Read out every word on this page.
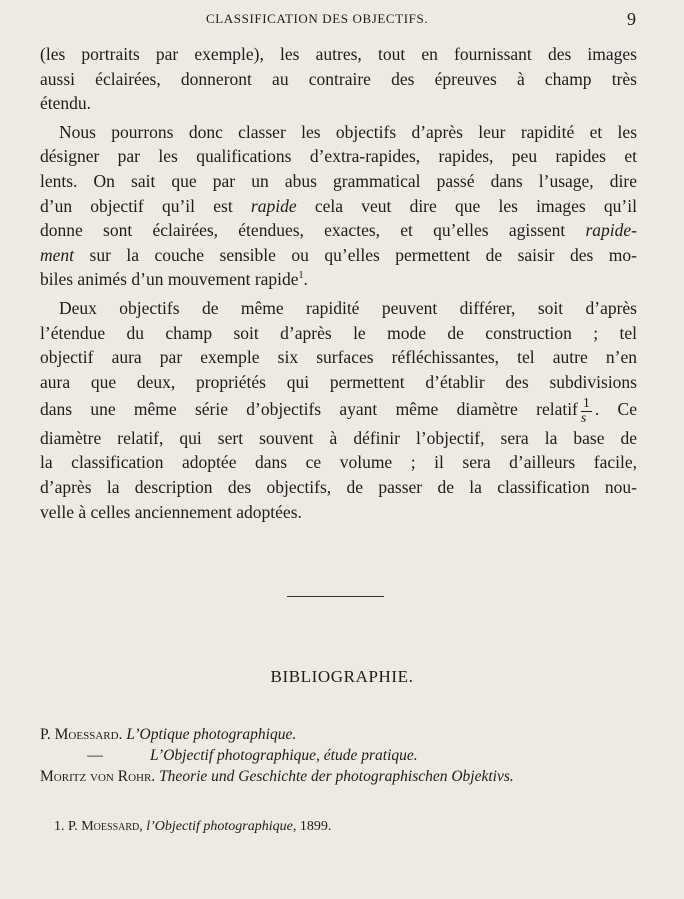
CLASSIFICATION DES OBJECTIFS.	9
(les portraits par exemple), les autres, tout en fournissant des images
aussi éclairées, donneront au contraire des épreuves à champ très
étendu.
Nous pourrons donc classer les objectifs d’après leur rapidité et les
désigner par les qualifications d’extra-rapides, rapides, peu rapides et
lents. On sait que par un abus grammatical passé dans l’usage, dire
d’un objectif qu’il est rapide cela veut dire que les images qu’il
donne sont éclairées, étendues, exactes, et qu’elles agissent rapide-
ment sur la couche sensible ou qu’elles permettent de saisir des mo-
biles animés d’un mouvement rapide$^1$.
Deux objectifs de même rapidité peuvent différer, soit d’après
l’étendue du champ soit d’après le mode de construction ; tel
objectif aura par exemple six surfaces réfléchissantes, tel autre n’en
aura que deux, propriétés qui permettent d’établir des subdivisions
dans une même série d’objectifs ayant même diamètre relatif $\frac{1}{s}$ . Ce
diamètre relatif, qui sert souvent à définir l’objectif, sera la base de
la classification adoptée dans ce volume ; il sera d’ailleurs facile,
d’après la description des objectifs, de passer de la classification nou-
velle à celles anciennement adoptées.
BIBLIOGRAPHIE.
P. Moessard. L’Optique photographique.
—	L’Objectif photographique, étude pratique.
Moritz von Rohr. Theorie und Geschichte der photographischen Objektivs.
1. P. Moessard, l’Objectif photographique, 1899.
